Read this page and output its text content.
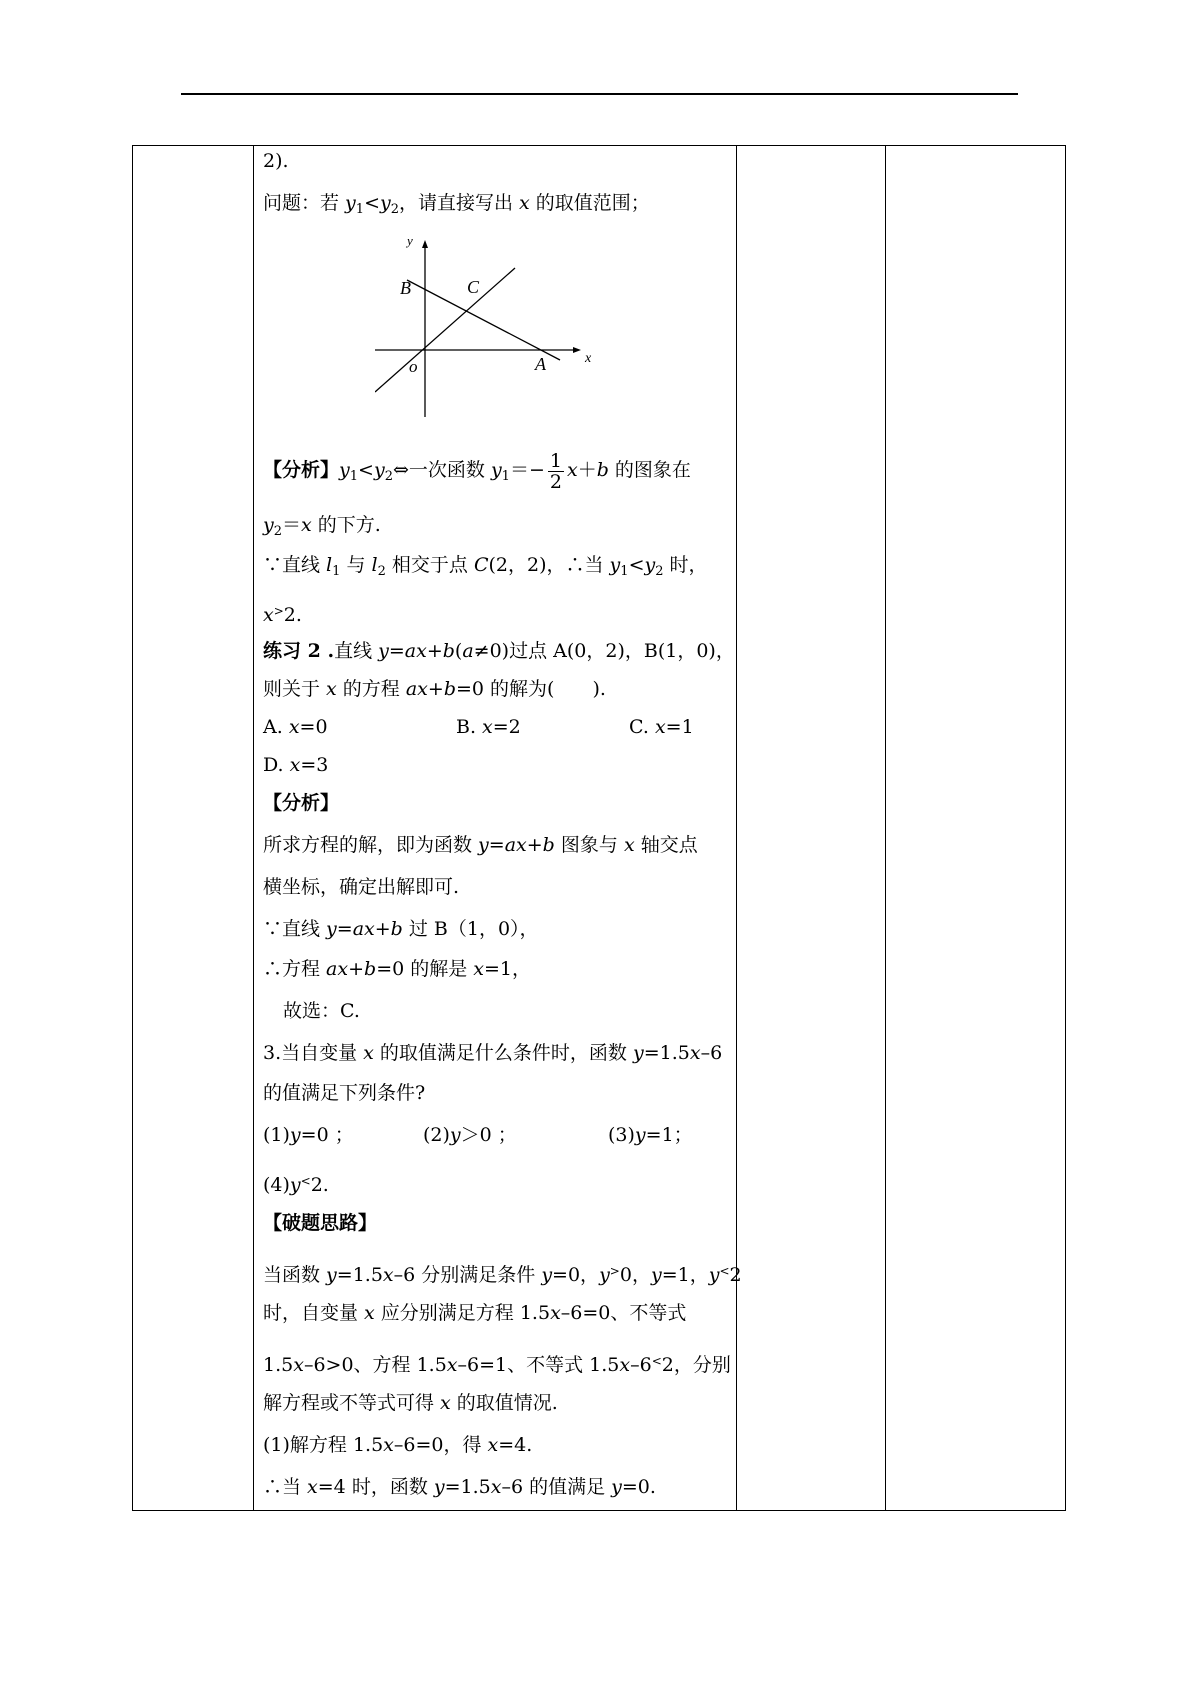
2).
问题：若 $y_1<y_2$，请直接写出 x 的取值范围；
y
x
o	A
B	C
【分析】$y_1<y_2\Leftrightarrow$一次函数 $y_1=- \frac{1}{2} x+b$ 的图象在
$y_2=x$ 的下方.
∵直线 $l_1$ 与 $l_2$ 相交于点 C(2，2)，∴当 $y_1<y_2$ 时，
x>2.
练习 2 .直线 y=ax+b(a≠0)过点 A(0，2)，B(1，0)，
则关于 x 的方程 ax+b=0 的解为(　　).
A. x=0	B. x=2	C. x=1
D. x=3
【分析】
所求方程的解，即为函数 y=ax+b 图象与 x 轴交点
横坐标，确定出解即可.
∵直线 y=ax+b 过 B（1，0），
∴方程 ax+b=0 的解是 x=1，
故选：C.
3.当自变量 x 的取值满足什么条件时，函数 y=1.5x–6
的值满足下列条件?
(1)y=0 ；	(2)y＞0 ；	(3)y=1；
(4)y<2.
【破题思路】
当函数 y=1.5x–6 分别满足条件 y=0，y>0，y=1，y<2
时，自变量 x 应分别满足方程 1.5x–6=0、不等式
1.5x–6>0、方程 1.5x–6=1、不等式 1.5x–6<2，分别
解方程或不等式可得 x 的取值情况.
(1)解方程 1.5x–6=0，得 x=4.
∴当 x=4 时，函数 y=1.5x–6 的值满足 y=0.
